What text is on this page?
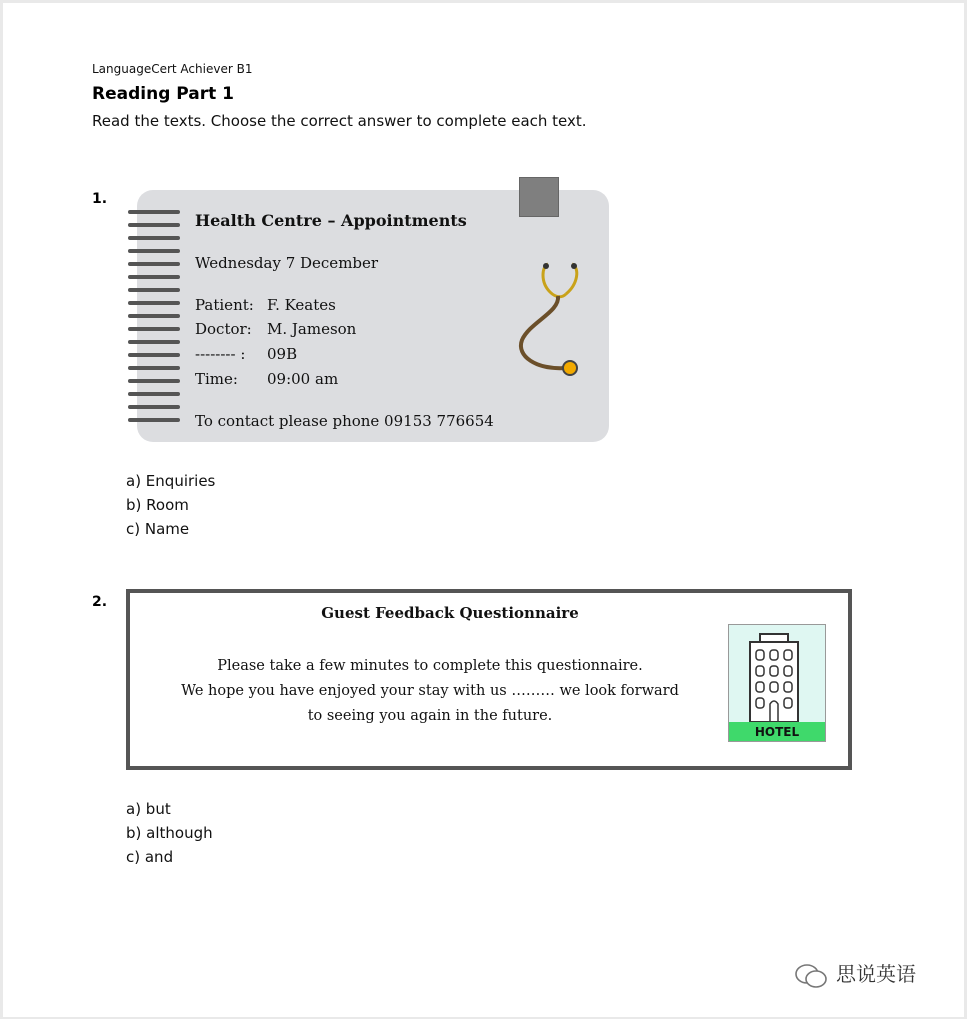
LanguageCert Achiever B1
Reading Part 1
Read the texts. Choose the correct answer to complete each text.
1.
Health Centre – Appointments
Wednesday 7 December
Patient: F. Keates
Doctor: M. Jameson
-------- : 09B
Time: 09:00 am
To contact please phone 09153 776654
a) Enquiries
b) Room
c) Name
2.
Guest Feedback Questionnaire
Please take a few minutes to complete this questionnaire.
We hope you have enjoyed your stay with us ……… we look forward
to seeing you again in the future.
HOTEL
a) but
b) although
c) and
思说英语
